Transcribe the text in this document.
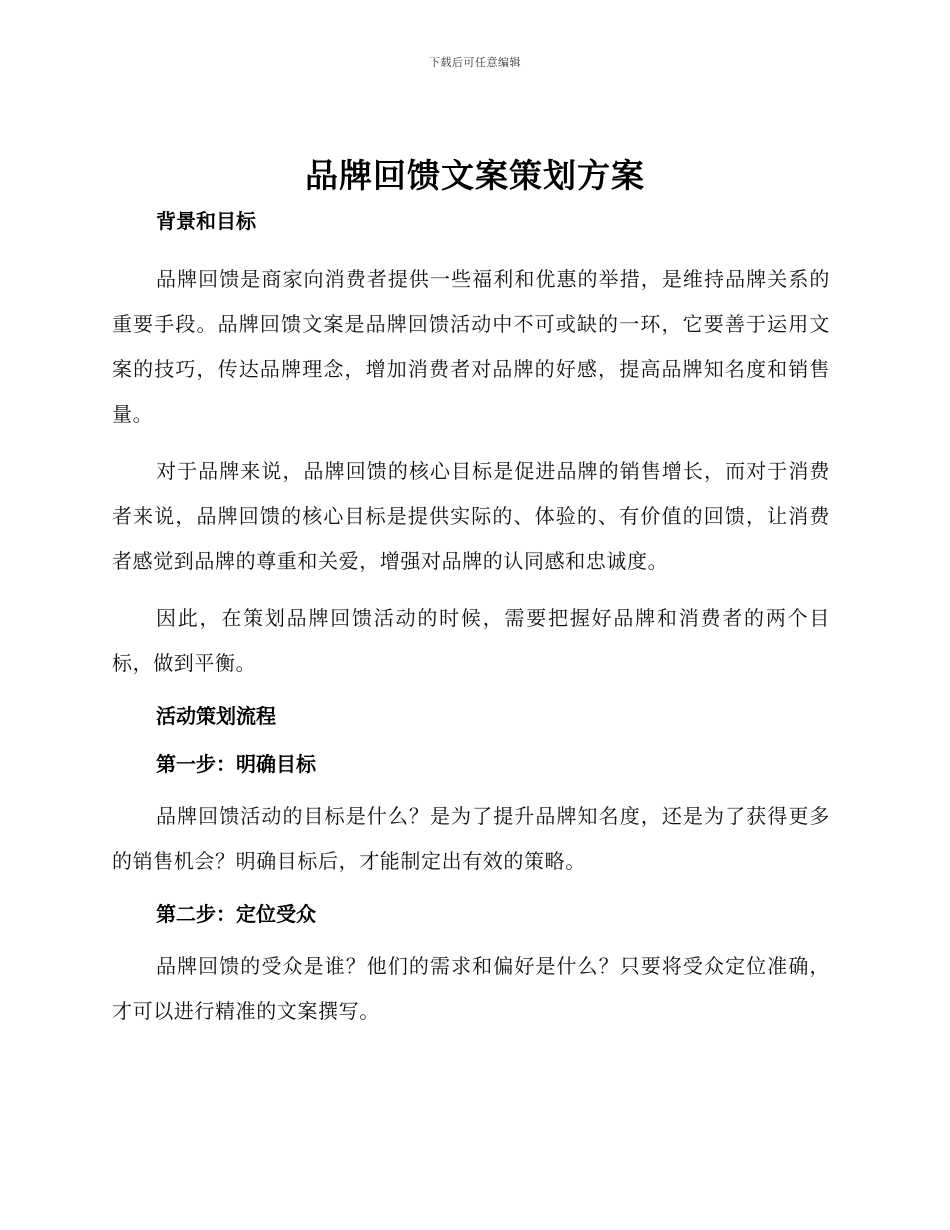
下载后可任意编辑
品牌回馈文案策划方案

背景和目标

品牌回馈是商家向消费者提供一些福利和优惠的举措，是维持品牌关系的重要手段。品牌回馈文案是品牌回馈活动中不可或缺的一环，它要善于运用文案的技巧，传达品牌理念，增加消费者对品牌的好感，提高品牌知名度和销售量。

对于品牌来说，品牌回馈的核心目标是促进品牌的销售增长，而对于消费者来说，品牌回馈的核心目标是提供实际的、体验的、有价值的回馈，让消费者感觉到品牌的尊重和关爱，增强对品牌的认同感和忠诚度。

因此，在策划品牌回馈活动的时候，需要把握好品牌和消费者的两个目标，做到平衡。

活动策划流程

第一步：明确目标

品牌回馈活动的目标是什么？是为了提升品牌知名度，还是为了获得更多的销售机会？明确目标后，才能制定出有效的策略。

第二步：定位受众

品牌回馈的受众是谁？他们的需求和偏好是什么？只要将受众定位准确，才可以进行精准的文案撰写。
